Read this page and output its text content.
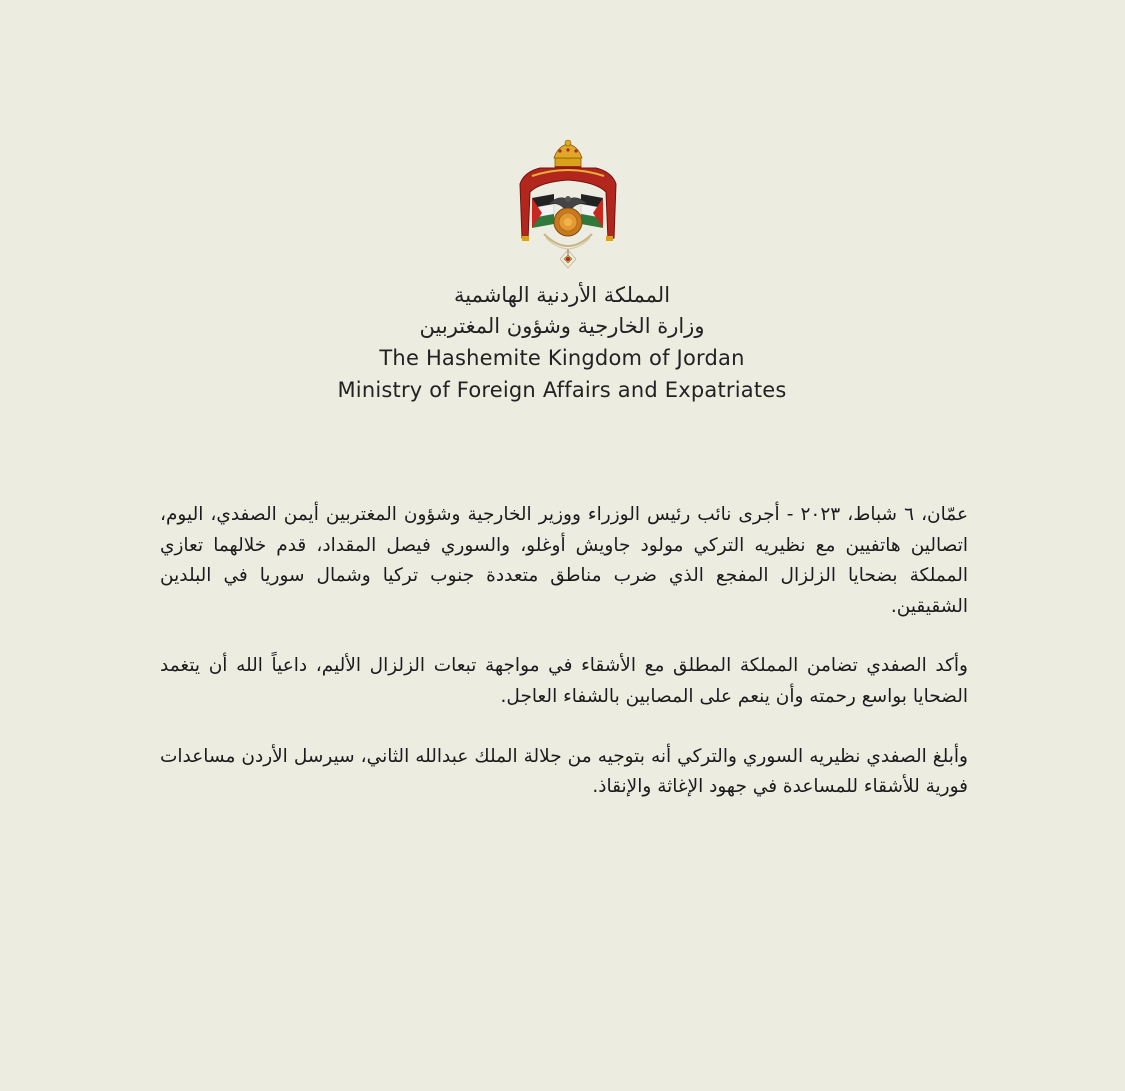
المملكة الأردنية الهاشمية
وزارة الخارجية وشؤون المغتربين
The Hashemite Kingdom of Jordan
Ministry of Foreign Affairs and Expatriates

عمّان، ٦ شباط، ٢٠٢٣ - أجرى نائب رئيس الوزراء ووزير الخارجية وشؤون المغتربين أيمن الصفدي، اليوم، اتصالين هاتفيين مع نظيريه التركي مولود جاويش أوغلو، والسوري فيصل المقداد، قدم خلالهما تعازي المملكة بضحايا الزلزال المفجع الذي ضرب مناطق متعددة جنوب تركيا وشمال سوريا في البلدين الشقيقين.

وأكد الصفدي تضامن المملكة المطلق مع الأشقاء في مواجهة تبعات الزلزال الأليم، داعياً الله أن يتغمد الضحايا بواسع رحمته وأن ينعم على المصابين بالشفاء العاجل.

وأبلغ الصفدي نظيريه السوري والتركي أنه بتوجيه من جلالة الملك عبدالله الثاني، سيرسل الأردن مساعدات فورية للأشقاء للمساعدة في جهود الإغاثة والإنقاذ.
